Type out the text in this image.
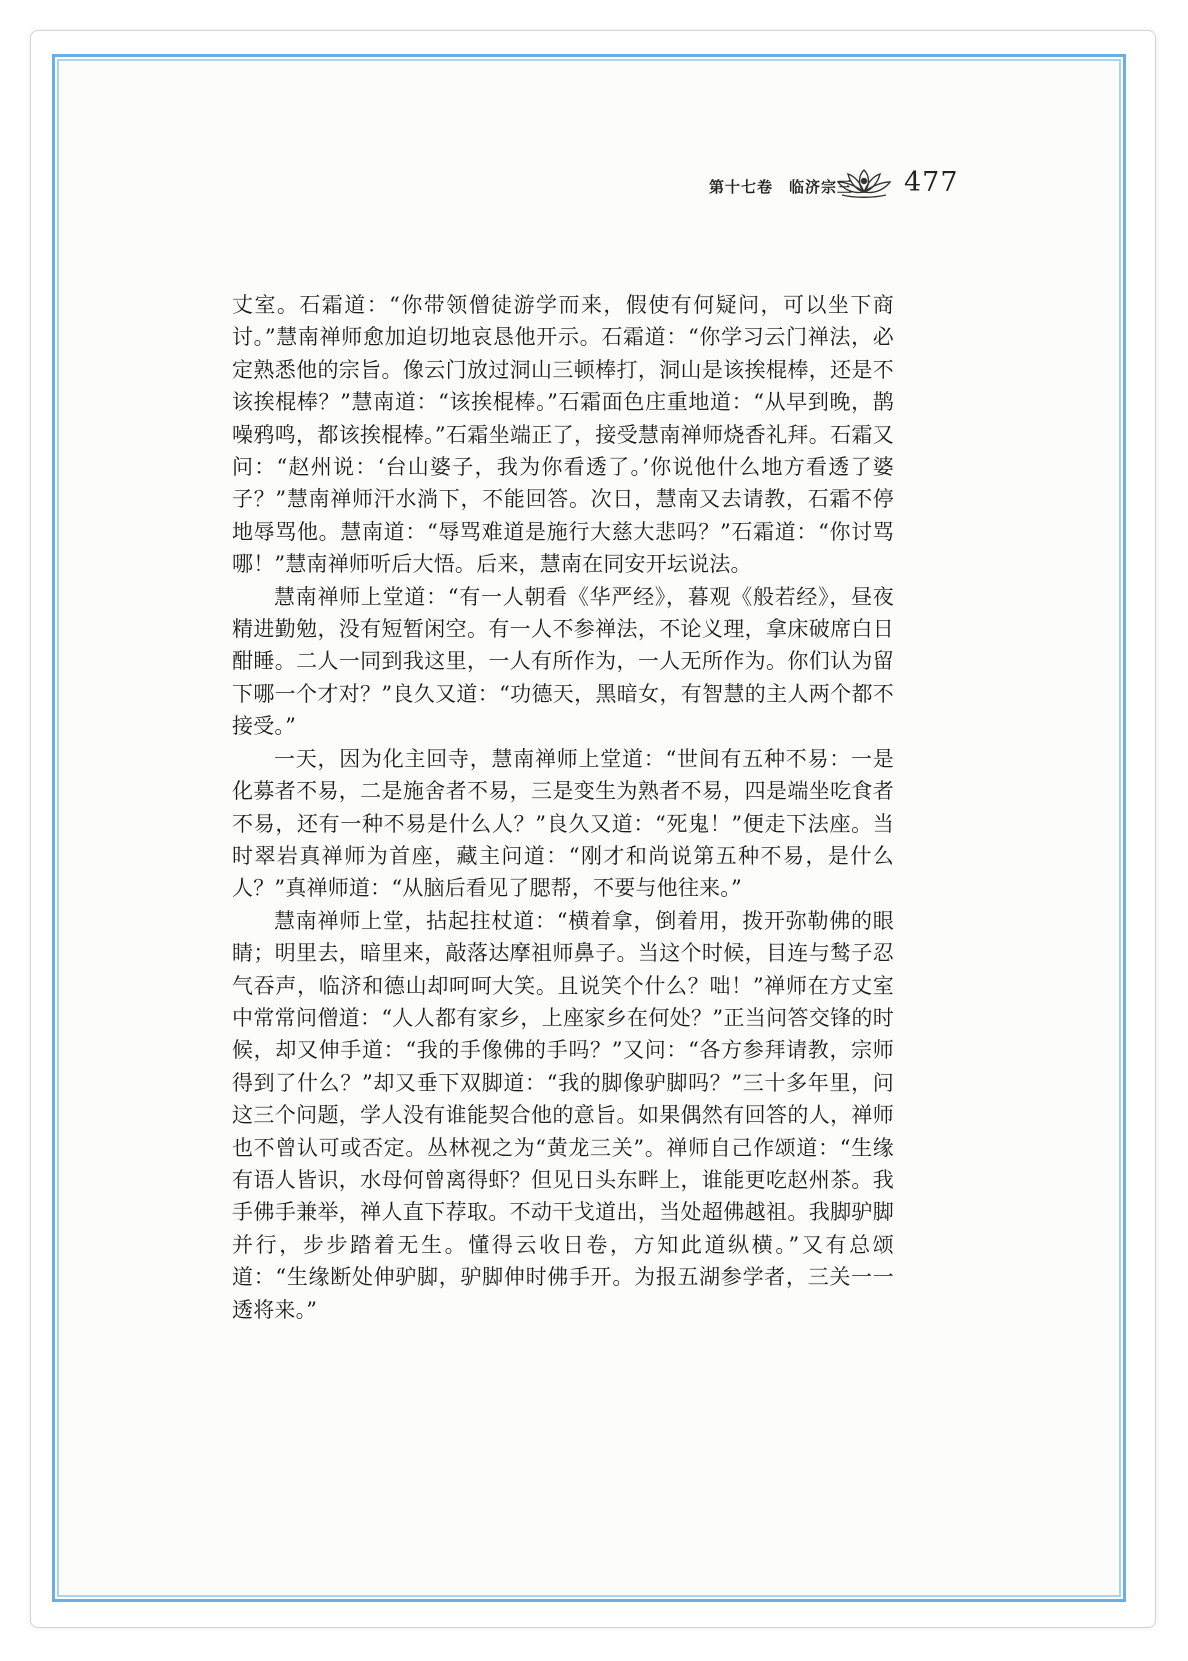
第十七卷 临济宗三 477

丈室。石霜道：“你带领僧徒游学而来，假使有何疑问，可以坐下商讨。”慧南禅师愈加迫切地哀恳他开示。石霜道：“你学习云门禅法，必定熟悉他的宗旨。像云门放过洞山三顿棒打，洞山是该挨棍棒，还是不该挨棍棒？”慧南道：“该挨棍棒。”石霜面色庄重地道：“从早到晚，鹊噪鸦鸣，都该挨棍棒。”石霜坐端正了，接受慧南禅师烧香礼拜。石霜又问：“赵州说：‘台山婆子，我为你看透了。’你说他什么地方看透了婆子？”慧南禅师汗水淌下，不能回答。次日，慧南又去请教，石霜不停地辱骂他。慧南道：“辱骂难道是施行大慈大悲吗？”石霜道：“你讨骂哪！”慧南禅师听后大悟。后来，慧南在同安开坛说法。

慧南禅师上堂道：“有一人朝看《华严经》，暮观《般若经》，昼夜精进勤勉，没有短暂闲空。有一人不参禅法，不论义理，拿床破席白日酣睡。二人一同到我这里，一人有所作为，一人无所作为。你们认为留下哪一个才对？”良久又道：“功德天，黑暗女，有智慧的主人两个都不接受。”

一天，因为化主回寺，慧南禅师上堂道：“世间有五种不易：一是化募者不易，二是施舍者不易，三是变生为熟者不易，四是端坐吃食者不易，还有一种不易是什么人？”良久又道：“死鬼！”便走下法座。当时翠岩真禅师为首座，藏主问道：“刚才和尚说第五种不易，是什么人？”真禅师道：“从脑后看见了腮帮，不要与他往来。”

慧南禅师上堂，拈起拄杖道：“横着拿，倒着用，拨开弥勒佛的眼睛；明里去，暗里来，敲落达摩祖师鼻子。当这个时候，目连与鹙子忍气吞声，临济和德山却呵呵大笑。且说笑个什么？咄！”禅师在方丈室中常常问僧道：“人人都有家乡，上座家乡在何处？”正当问答交锋的时候，却又伸手道：“我的手像佛的手吗？”又问：“各方参拜请教，宗师得到了什么？”却又垂下双脚道：“我的脚像驴脚吗？”三十多年里，问这三个问题，学人没有谁能契合他的意旨。如果偶然有回答的人，禅师也不曾认可或否定。丛林视之为“黄龙三关”。禅师自己作颂道：“生缘有语人皆识，水母何曾离得虾？但见日头东畔上，谁能更吃赵州茶。我手佛手兼举，禅人直下荐取。不动干戈道出，当处超佛越祖。我脚驴脚并行，步步踏着无生。懂得云收日卷，方知此道纵横。”又有总颂道：“生缘断处伸驴脚，驴脚伸时佛手开。为报五湖参学者，三关一一透将来。”
